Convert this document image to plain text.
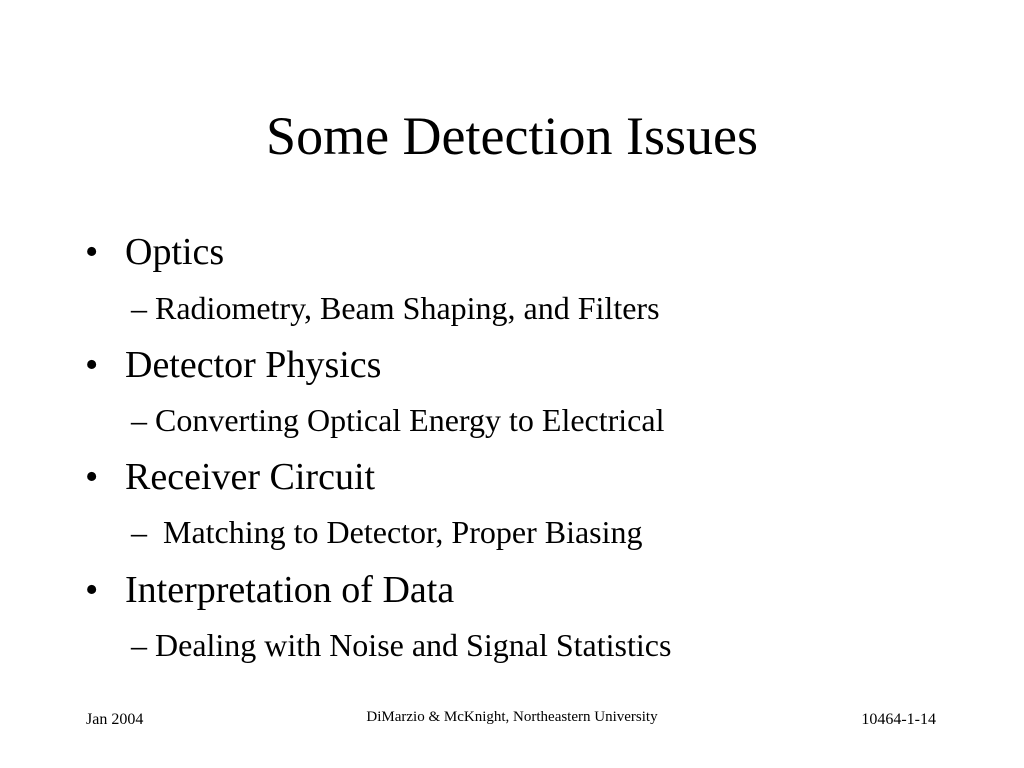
Some Detection Issues
• Optics
– Radiometry, Beam Shaping, and Filters
• Detector Physics
– Converting Optical Energy to Electrical
• Receiver Circuit
–  Matching to Detector, Proper Biasing
• Interpretation of Data
– Dealing with Noise and Signal Statistics
Jan 2004	DiMarzio & McKnight, Northeastern University	10464-1-14
